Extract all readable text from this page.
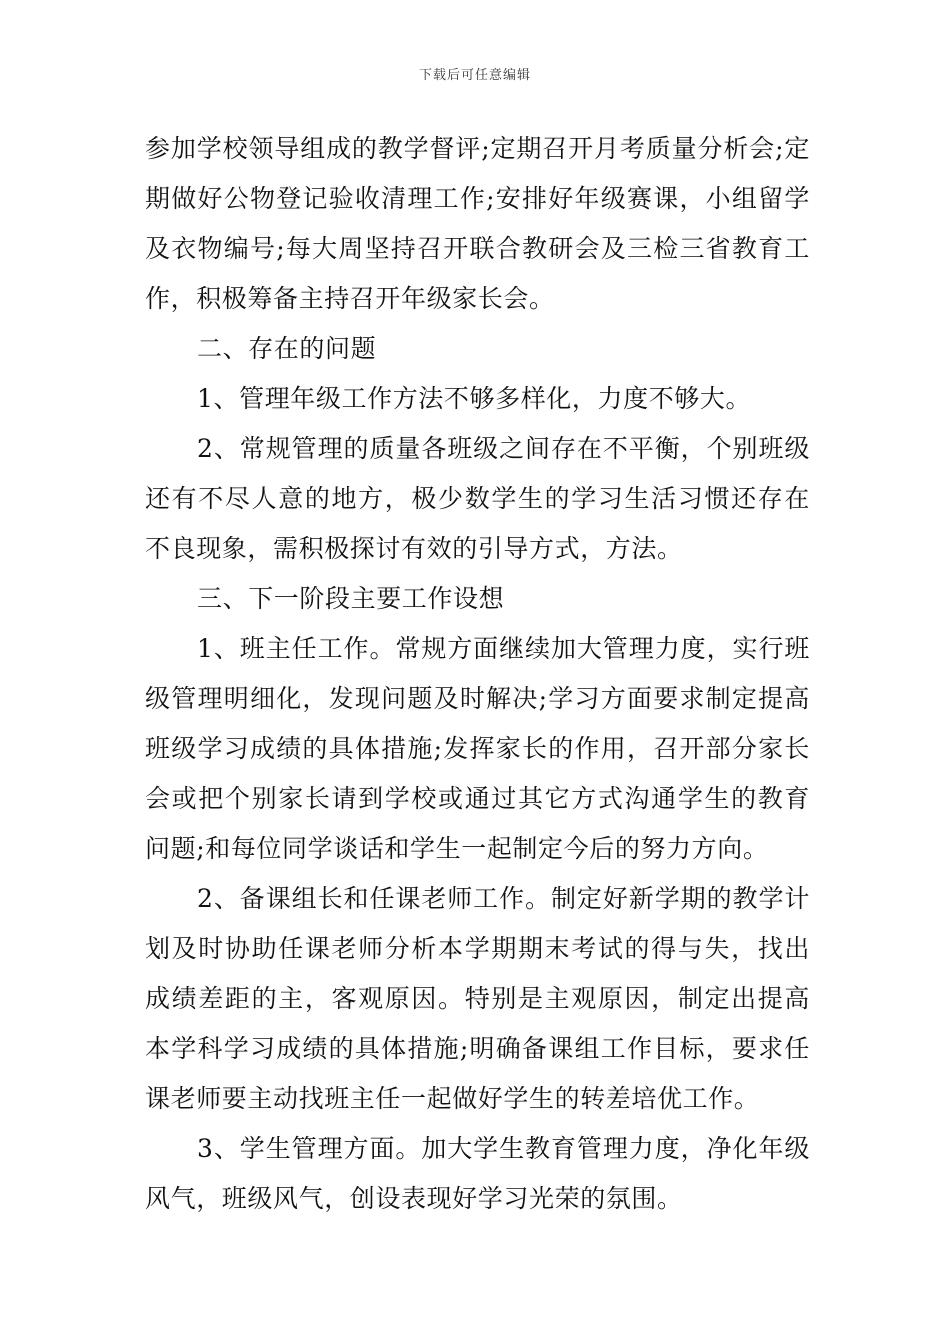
下载后可任意编辑

参加学校领导组成的教学督评;定期召开月考质量分析会;定期做好公物登记验收清理工作;安排好年级赛课，小组留学及衣物编号;每大周坚持召开联合教研会及三检三省教育工作，积极筹备主持召开年级家长会。

二、存在的问题

1、管理年级工作方法不够多样化，力度不够大。

2、常规管理的质量各班级之间存在不平衡，个别班级还有不尽人意的地方，极少数学生的学习生活习惯还存在不良现象，需积极探讨有效的引导方式，方法。

三、下一阶段主要工作设想

1、班主任工作。常规方面继续加大管理力度，实行班级管理明细化，发现问题及时解决;学习方面要求制定提高班级学习成绩的具体措施;发挥家长的作用，召开部分家长会或把个别家长请到学校或通过其它方式沟通学生的教育问题;和每位同学谈话和学生一起制定今后的努力方向。

2、备课组长和任课老师工作。制定好新学期的教学计划及时协助任课老师分析本学期期末考试的得与失，找出成绩差距的主，客观原因。特别是主观原因，制定出提高本学科学习成绩的具体措施;明确备课组工作目标，要求任课老师要主动找班主任一起做好学生的转差培优工作。

3、学生管理方面。加大学生教育管理力度，净化年级风气，班级风气，创设表现好学习光荣的氛围。
